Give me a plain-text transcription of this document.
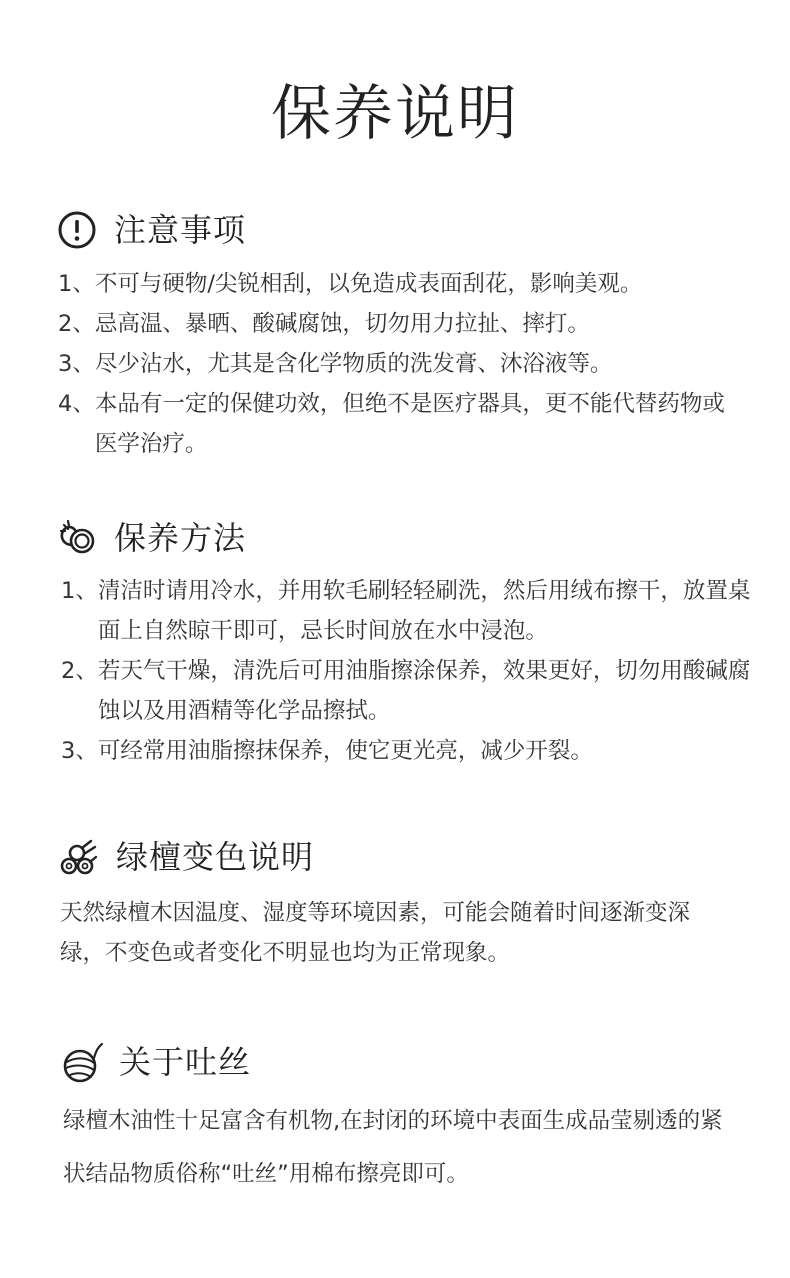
保养说明
注意事项
1、 不可与硬物/尖锐相刮，以免造成表面刮花，影响美观。
2、 忌高温、暴晒、酸碱腐蚀，切勿用力拉扯、摔打。
3、 尽少沾水，尤其是含化学物质的洗发膏、沐浴液等。
4、 本品有一定的保健功效，但绝不是医疗器具，更不能代替药物或医学治疗。
保养方法
1、 清洁时请用冷水，并用软毛刷轻轻刷洗，然后用绒布擦干，放置桌面上自然晾干即可，忌长时间放在水中浸泡。
2、 若天气干燥，清洗后可用油脂擦涂保养，效果更好，切勿用酸碱腐蚀以及用酒精等化学品擦拭。
3、 可经常用油脂擦抹保养，使它更光亮，减少开裂。
绿檀变色说明
天然绿檀木因温度、湿度等环境因素，可能会随着时间逐渐变深绿，不变色或者变化不明显也均为正常现象。
关于吐丝
绿檀木油性十足富含有机物,在封闭的环境中表面生成品莹剔透的紧状结品物质俗称“吐丝”用棉布擦亮即可。
